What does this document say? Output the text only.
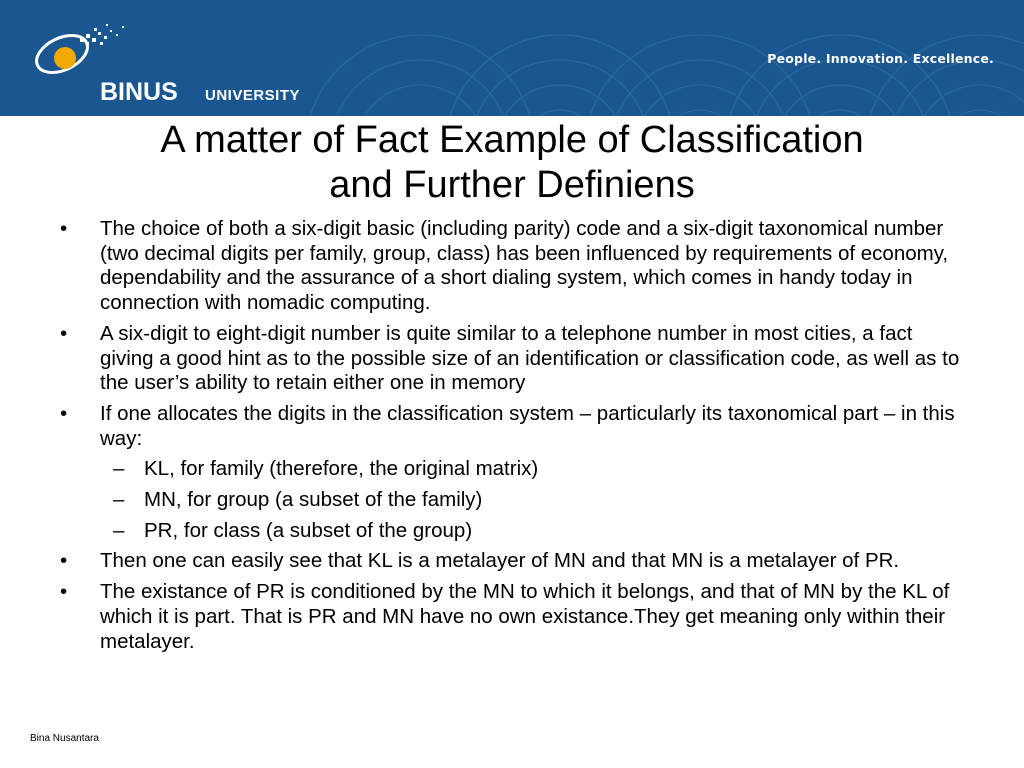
BINUS UNIVERSITY
People. Innovation. Excellence.
A matter of Fact Example of Classification
and Further Definiens
• The choice of both a six-digit basic (including parity) code and a six-digit taxonomical number (two decimal digits per family, group, class) has been influenced by requirements of economy, dependability and the assurance of a short dialing system, which comes in handy today in connection with nomadic computing.
• A six-digit to eight-digit number is quite similar to a telephone number in most cities, a fact giving a good hint as to the possible size of an identification or classification code, as well as to the user’s ability to retain either one in memory
• If one allocates the digits in the classification system – particularly its taxonomical part – in this way:
– KL, for family (therefore, the original matrix)
– MN, for group (a subset of the family)
– PR, for class (a subset of the group)
• Then one can easily see that KL is a metalayer of MN and that MN is a metalayer of PR.
• The existance of PR is conditioned by the MN to which it belongs, and that of MN by the KL of which it is part. That is PR and MN have no own existance.They get meaning only within their metalayer.
Bina Nusantara
